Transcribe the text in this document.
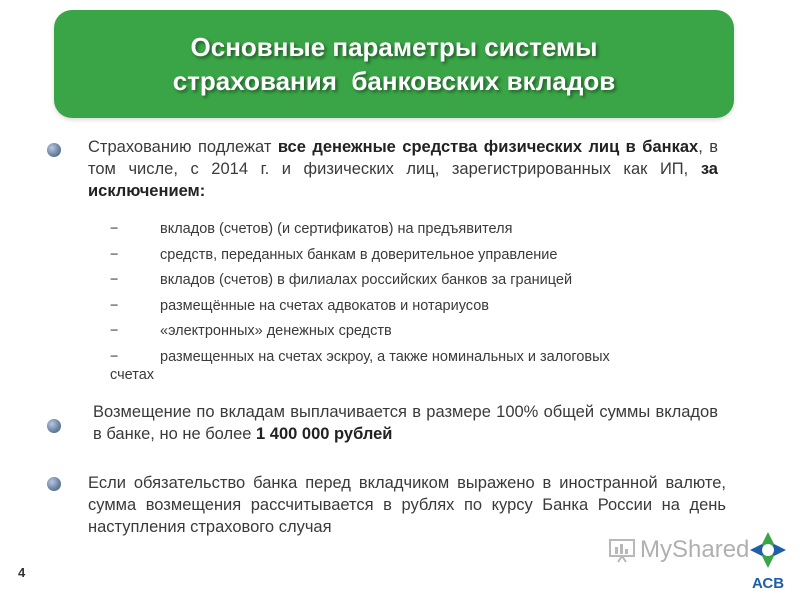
Основные параметры системы
страхования  банковских вкладов
Страхованию подлежат все денежные средства физических лиц в банках, в том числе, с 2014 г. и физических лиц, зарегистрированных как ИП, за исключением:
−	вкладов (счетов) (и сертификатов) на предъявителя
−	средств, переданных банкам в доверительное управление
−	вкладов (счетов) в филиалах российских банков за границей
−	размещённые на счетах адвокатов и нотариусов
−	«электронных» денежных средств
−	размещенных на счетах эскроу, а также номинальных и залоговых
счетах
Возмещение по вкладам выплачивается в размере 100% общей суммы вкладов в банке, но не более 1 400 000 рублей
Если обязательство банка перед вкладчиком выражено в иностранной валюте, сумма возмещения рассчитывается в рублях по курсу Банка России на день наступления страхового случая
4
MyShared
АСВ
